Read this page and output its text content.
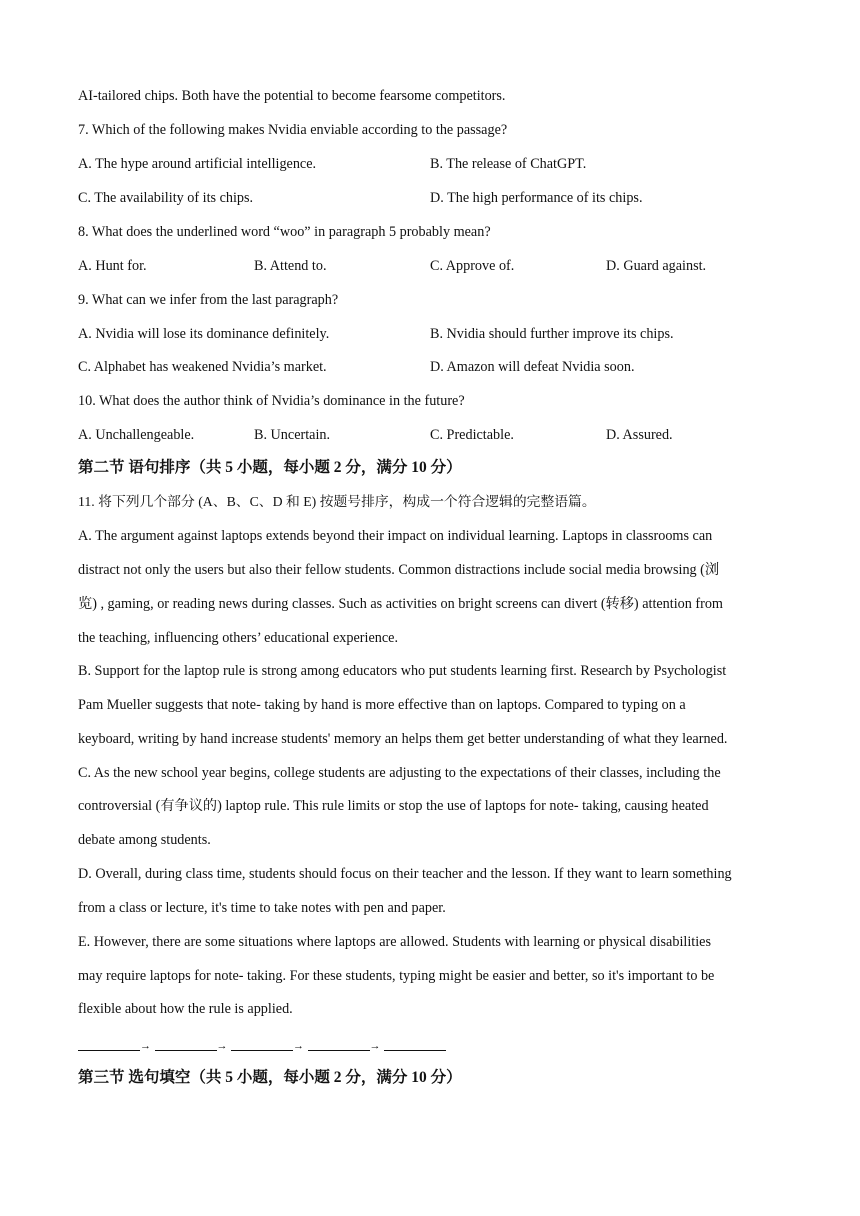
AI-tailored chips. Both have the potential to become fearsome competitors.
7. Which of the following makes Nvidia enviable according to the passage?
A. The hype around artificial intelligence.	B. The release of ChatGPT.
C. The availability of its chips.	D. The high performance of its chips.
8. What does the underlined word “woo” in paragraph 5 probably mean?
A. Hunt for.	B. Attend to.	C. Approve of.	D. Guard against.
9. What can we infer from the last paragraph?
A. Nvidia will lose its dominance definitely.	B. Nvidia should further improve its chips.
C. Alphabet has weakened Nvidia’s market.	D. Amazon will defeat Nvidia soon.
10. What does the author think of Nvidia’s dominance in the future?
A. Unchallengeable.	B. Uncertain.	C. Predictable.	D. Assured.
第二节 语句排序（共 5 小题，每小题 2 分，满分 10 分）
11. 将下列几个部分 (A、B、C、D 和 E) 按题号排序，构成一个符合逻辑的完整语篇。
A. The argument against laptops extends beyond their impact on individual learning. Laptops in classrooms can
distract not only the users but also their fellow students. Common distractions include social media browsing (浏
览) , gaming, or reading news during classes. Such as activities on bright screens can divert (转移) attention from
the teaching, influencing others’ educational experience.
B. Support for the laptop rule is strong among educators who put students learning first. Research by Psychologist
Pam Mueller suggests that note- taking by hand is more effective than on laptops. Compared to typing on a
keyboard, writing by hand increase students' memory an helps them get better understanding of what they learned.
C. As the new school year begins, college students are adjusting to the expectations of their classes, including the
controversial (有争议的) laptop rule. This rule limits or stop the use of laptops for note- taking, causing heated
debate among students.
D. Overall, during class time, students should focus on their teacher and the lesson. If they want to learn something
from a class or lecture, it's time to take notes with pen and paper.
E. However, there are some situations where laptops are allowed. Students with learning or physical disabilities
may require laptops for note- taking. For these students, typing might be easier and better, so it's important to be
flexible about how the rule is applied.
→	→	→	→
第三节 选句填空（共 5 小题，每小题 2 分，满分 10 分）
